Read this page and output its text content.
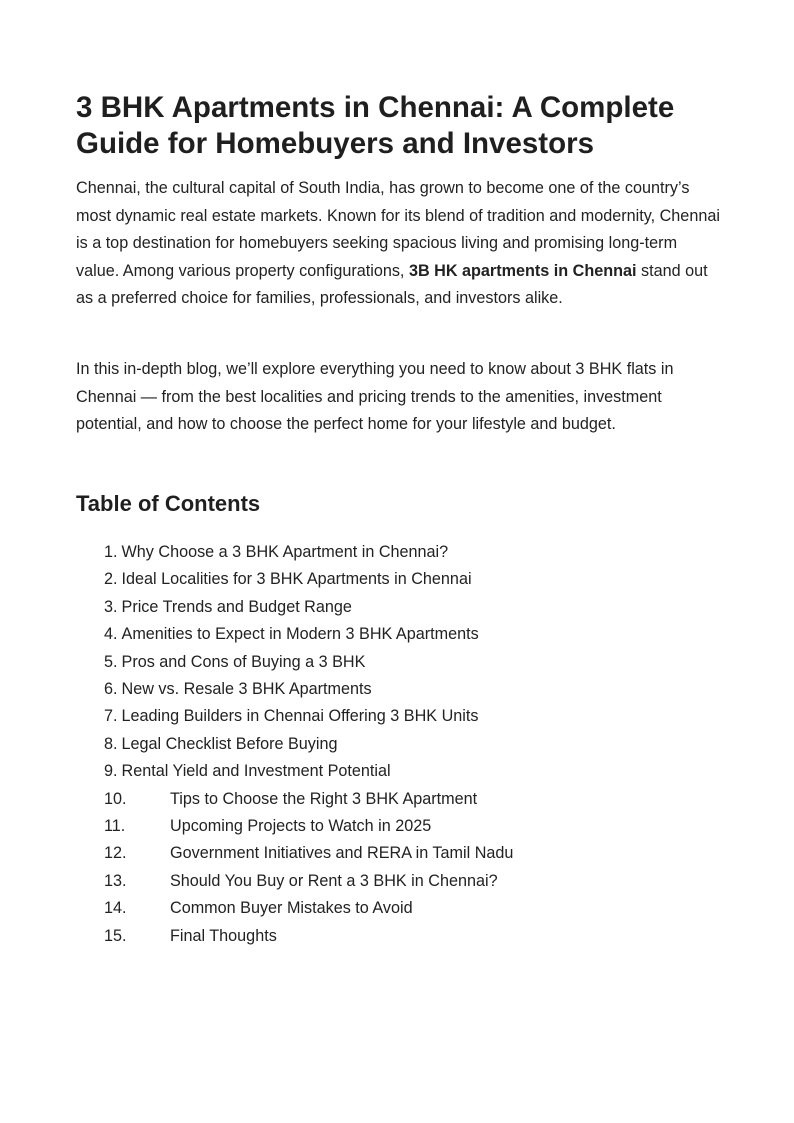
3 BHK Apartments in Chennai: A Complete Guide for Homebuyers and Investors

Chennai, the cultural capital of South India, has grown to become one of the country’s most dynamic real estate markets. Known for its blend of tradition and modernity, Chennai is a top destination for homebuyers seeking spacious living and promising long-term value. Among various property configurations, 3B HK apartments in Chennai stand out as a preferred choice for families, professionals, and investors alike.

In this in-depth blog, we’ll explore everything you need to know about 3 BHK flats in Chennai — from the best localities and pricing trends to the amenities, investment potential, and how to choose the perfect home for your lifestyle and budget.

Table of Contents
1. Why Choose a 3 BHK Apartment in Chennai?
2. Ideal Localities for 3 BHK Apartments in Chennai
3. Price Trends and Budget Range
4. Amenities to Expect in Modern 3 BHK Apartments
5. Pros and Cons of Buying a 3 BHK
6. New vs. Resale 3 BHK Apartments
7. Leading Builders in Chennai Offering 3 BHK Units
8. Legal Checklist Before Buying
9. Rental Yield and Investment Potential
10.	Tips to Choose the Right 3 BHK Apartment
11.	Upcoming Projects to Watch in 2025
12.	Government Initiatives and RERA in Tamil Nadu
13.	Should You Buy or Rent a 3 BHK in Chennai?
14.	Common Buyer Mistakes to Avoid
15.	Final Thoughts
